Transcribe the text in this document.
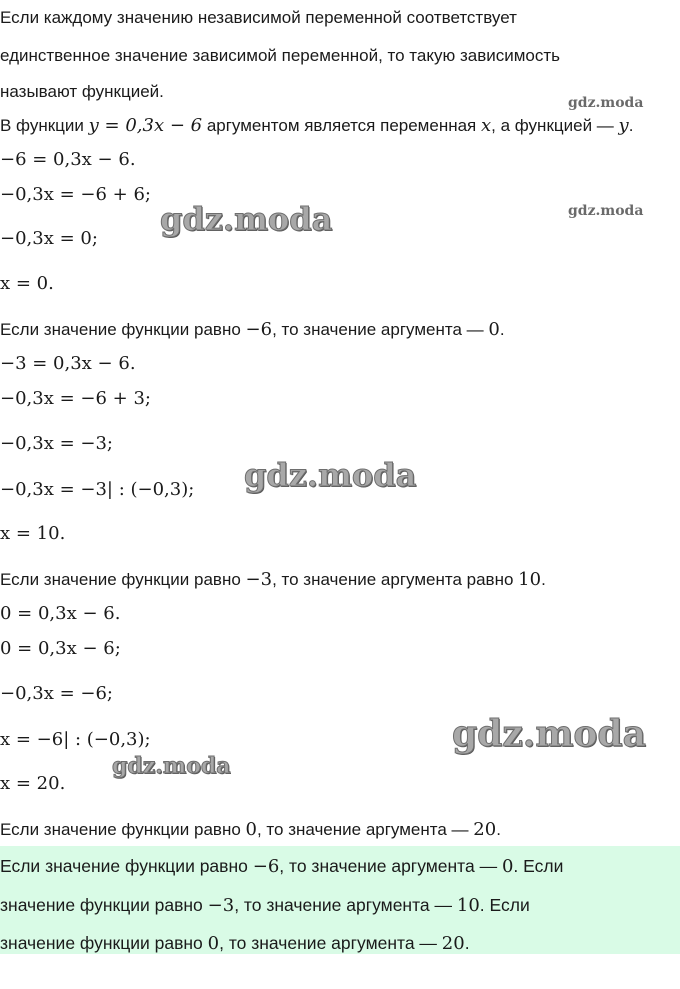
Если каждому значению независимой переменной соответствует
единственное значение зависимой переменной, то такую зависимость
называют функцией.
В функции y = 0,3x − 6 аргументом является переменная x, а функцией — y.
−6 = 0,3x − 6.
−0,3x = −6 + 6;
−0,3x = 0;
x = 0.
Если значение функции равно −6, то значение аргумента — 0.
−3 = 0,3x − 6.
−0,3x = −6 + 3;
−0,3x = −3;
−0,3x = −3| : (−0,3);
x = 10.
Если значение функции равно −3, то значение аргумента равно 10.
0 = 0,3x − 6.
0 = 0,3x − 6;
−0,3x = −6;
x = −6| : (−0,3);
x = 20.
Если значение функции равно 0, то значение аргумента — 20.
Если значение функции равно −6, то значение аргумента — 0. Если
значение функции равно −3, то значение аргумента — 10. Если
значение функции равно 0, то значение аргумента — 20.
gdz.moda
gdz.moda
gdz.moda
gdz.moda
gdz.moda
gdz.moda
